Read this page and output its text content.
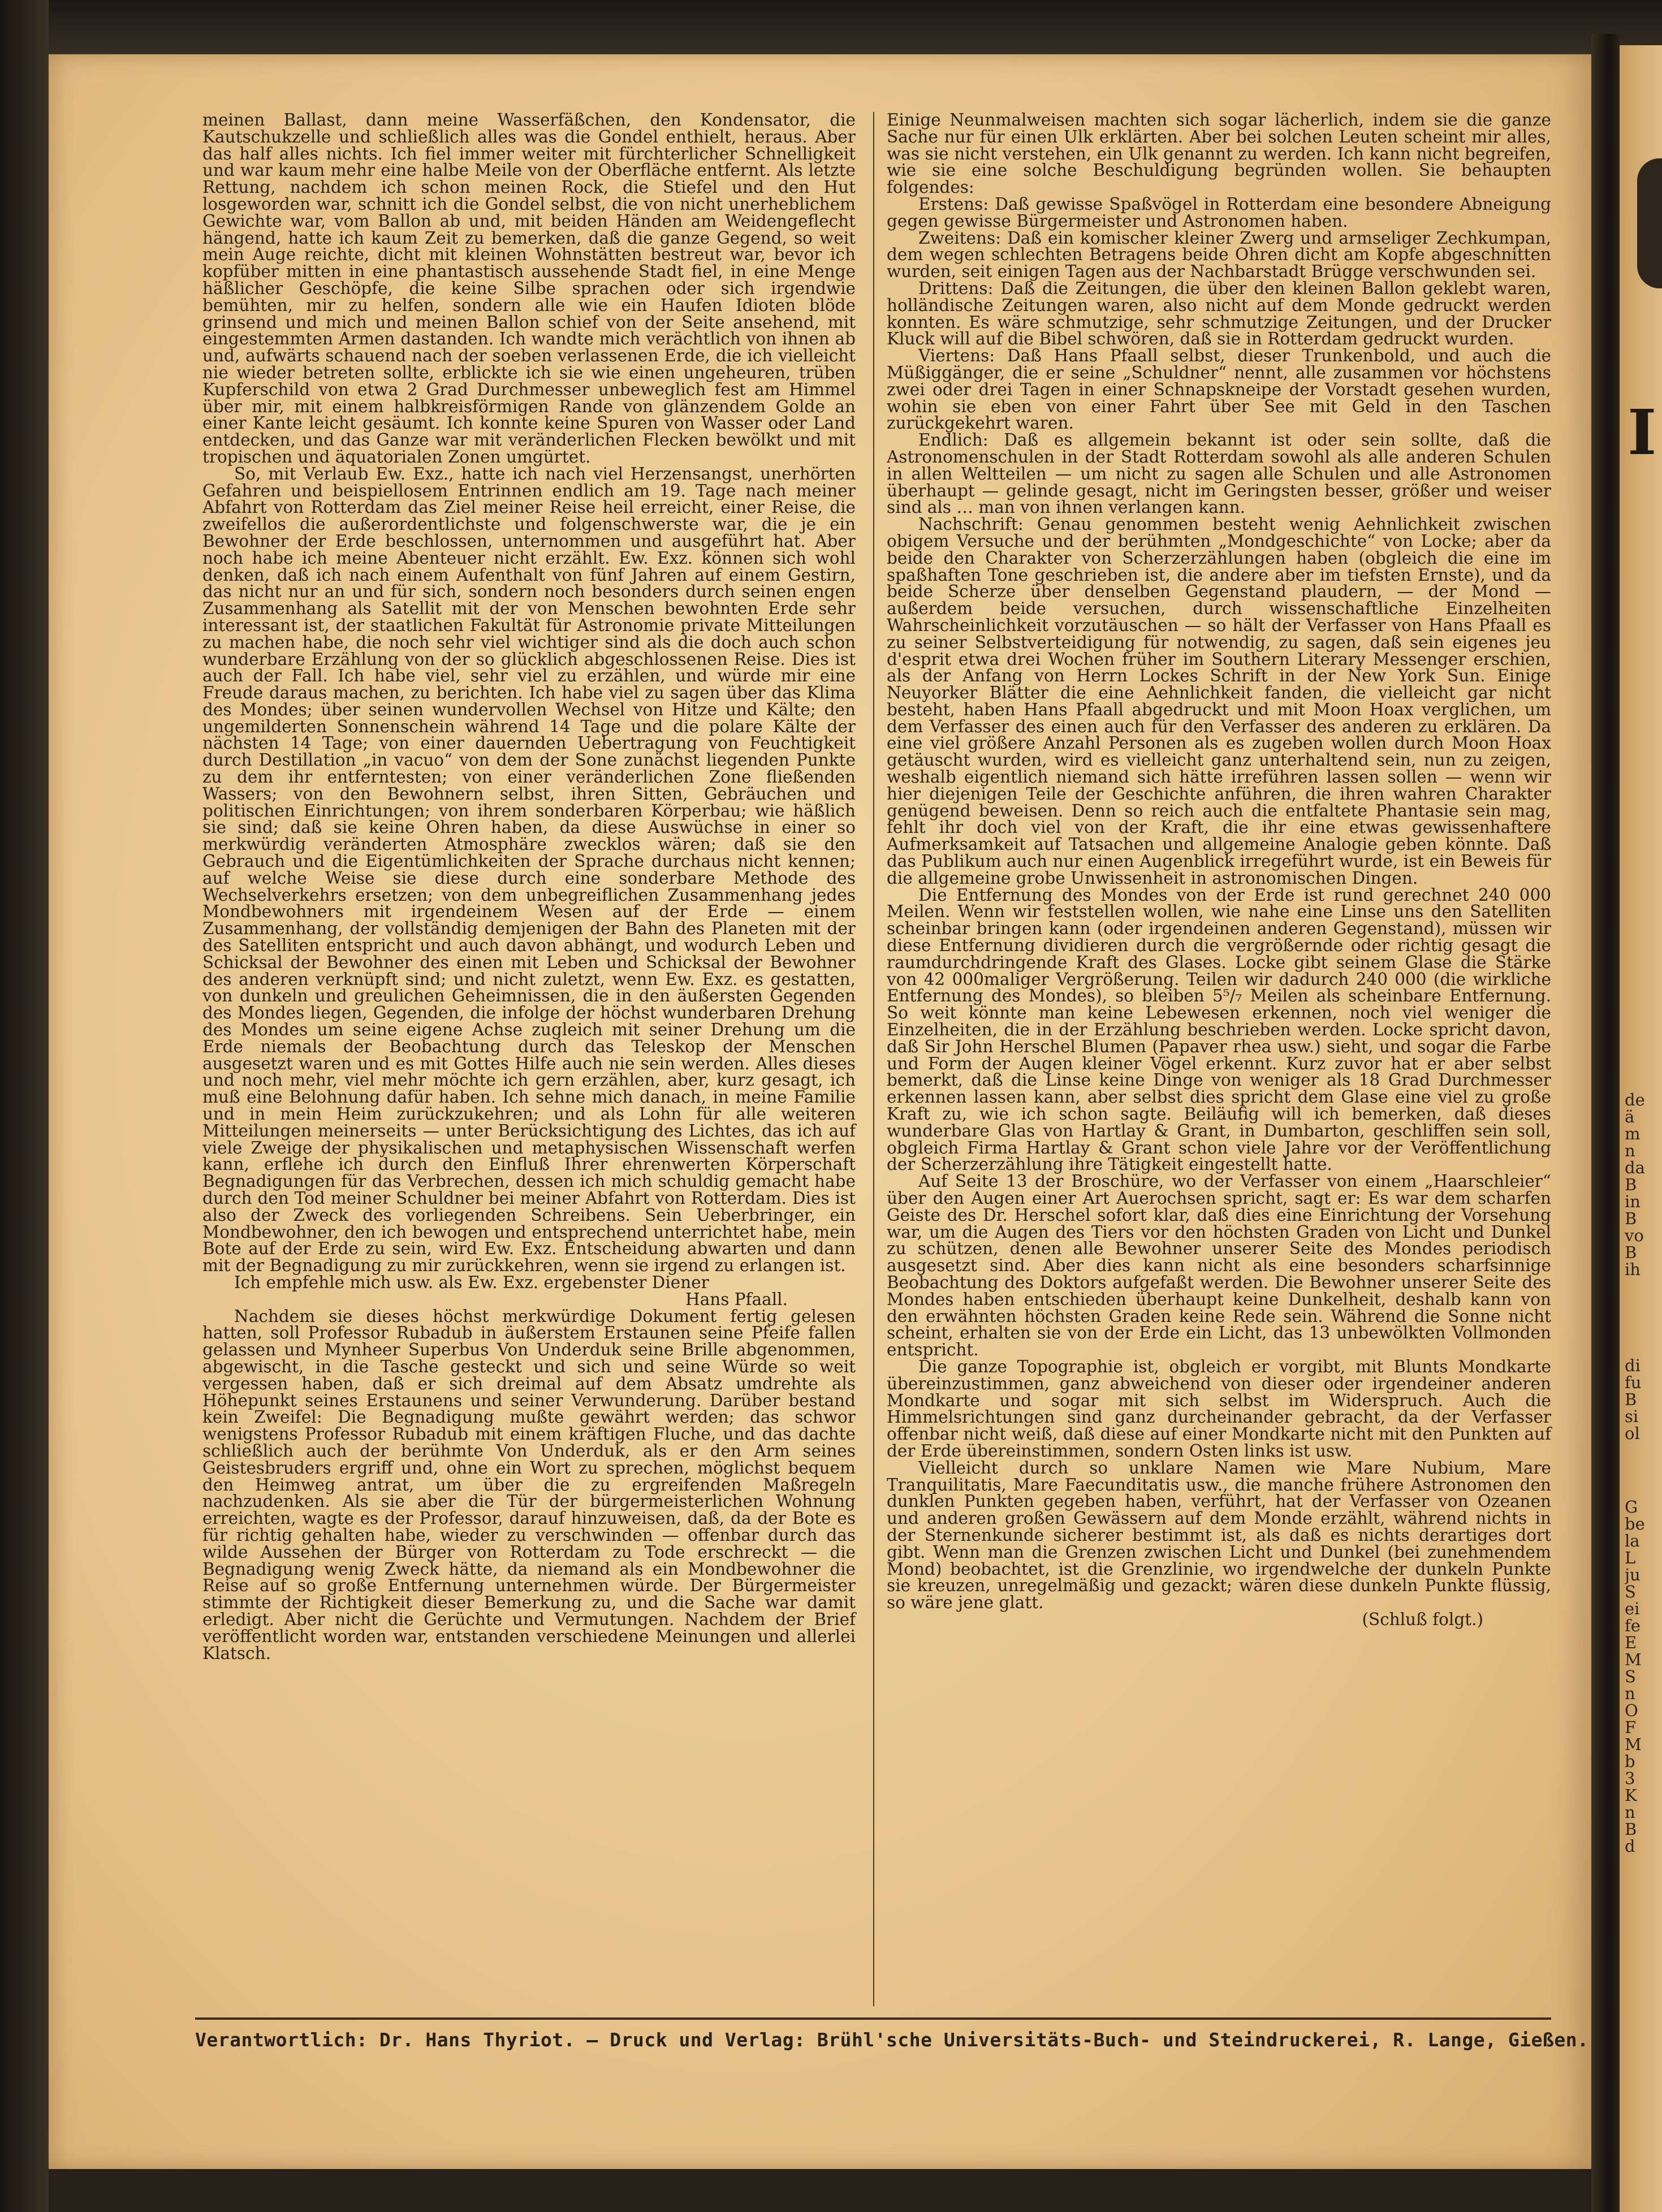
meinen Ballast, dann meine Wasserfäßchen, den Kondensator, die Kautschukzelle und schließlich alles was die Gondel enthielt, heraus. Aber das half alles nichts. Ich fiel immer weiter mit fürchterlicher Schnelligkeit und war kaum mehr eine halbe Meile von der Oberfläche entfernt. Als letzte Rettung, nachdem ich schon meinen Rock, die Stiefel und den Hut losgeworden war, schnitt ich die Gondel selbst, die von nicht unerheblichem Gewichte war, vom Ballon ab und, mit beiden Händen am Weidengeflecht hängend, hatte ich kaum Zeit zu bemerken, daß die ganze Gegend, so weit mein Auge reichte, dicht mit kleinen Wohnstätten bestreut war, bevor ich kopfüber mitten in eine phantastisch aussehende Stadt fiel, in eine Menge häßlicher Geschöpfe, die keine Silbe sprachen oder sich irgendwie bemühten, mir zu helfen, sondern alle wie ein Haufen Idioten blöde grinsend und mich und meinen Ballon schief von der Seite ansehend, mit eingestemmten Armen dastanden. Ich wandte mich verächtlich von ihnen ab und, aufwärts schauend nach der soeben verlassenen Erde, die ich vielleicht nie wieder betreten sollte, erblickte ich sie wie einen ungeheuren, trüben Kupferschild von etwa 2 Grad Durchmesser unbeweglich fest am Himmel über mir, mit einem halbkreisförmigen Rande von glänzendem Golde an einer Kante leicht gesäumt. Ich konnte keine Spuren von Wasser oder Land entdecken, und das Ganze war mit veränderlichen Flecken bewölkt und mit tropischen und äquatorialen Zonen umgürtet.

So, mit Verlaub Ew. Exz., hatte ich nach viel Herzensangst, unerhörten Gefahren und beispiellosem Entrinnen endlich am 19. Tage nach meiner Abfahrt von Rotterdam das Ziel meiner Reise heil erreicht, einer Reise, die zweifellos die außerordentlichste und folgenschwerste war, die je ein Bewohner der Erde beschlossen, unternommen und ausgeführt hat. Aber noch habe ich meine Abenteuer nicht erzählt. Ew. Exz. können sich wohl denken, daß ich nach einem Aufenthalt von fünf Jahren auf einem Gestirn, das nicht nur an und für sich, sondern noch besonders durch seinen engen Zusammenhang als Satellit mit der von Menschen bewohnten Erde sehr interessant ist, der staatlichen Fakultät für Astronomie private Mitteilungen zu machen habe, die noch sehr viel wichtiger sind als die doch auch schon wunderbare Erzählung von der so glücklich abgeschlossenen Reise. Dies ist auch der Fall. Ich habe viel, sehr viel zu erzählen, und würde mir eine Freude daraus machen, zu berichten. Ich habe viel zu sagen über das Klima des Mondes; über seinen wundervollen Wechsel von Hitze und Kälte; den ungemilderten Sonnenschein während 14 Tage und die polare Kälte der nächsten 14 Tage; von einer dauernden Uebertragung von Feuchtigkeit durch Destillation „in vacuo“ von dem der Sone zunächst liegenden Punkte zu dem ihr entferntesten; von einer veränderlichen Zone fließenden Wassers; von den Bewohnern selbst, ihren Sitten, Gebräuchen und politischen Einrichtungen; von ihrem sonderbaren Körperbau; wie häßlich sie sind; daß sie keine Ohren haben, da diese Auswüchse in einer so merkwürdig veränderten Atmosphäre zwecklos wären; daß sie den Gebrauch und die Eigentümlichkeiten der Sprache durchaus nicht kennen; auf welche Weise sie diese durch eine sonderbare Methode des Wechselverkehrs ersetzen; von dem unbegreiflichen Zusammenhang jedes Mondbewohners mit irgendeinem Wesen auf der Erde — einem Zusammenhang, der vollständig demjenigen der Bahn des Planeten mit der des Satelliten entspricht und auch davon abhängt, und wodurch Leben und Schicksal der Bewohner des einen mit Leben und Schicksal der Bewohner des anderen verknüpft sind; und nicht zuletzt, wenn Ew. Exz. es gestatten, von dunkeln und greulichen Geheimnissen, die in den äußersten Gegenden des Mondes liegen, Gegenden, die infolge der höchst wunderbaren Drehung des Mondes um seine eigene Achse zugleich mit seiner Drehung um die Erde niemals der Beobachtung durch das Teleskop der Menschen ausgesetzt waren und es mit Gottes Hilfe auch nie sein werden. Alles dieses und noch mehr, viel mehr möchte ich gern erzählen, aber, kurz gesagt, ich muß eine Belohnung dafür haben. Ich sehne mich danach, in meine Familie und in mein Heim zurückzukehren; und als Lohn für alle weiteren Mitteilungen meinerseits — unter Berücksichtigung des Lichtes, das ich auf viele Zweige der physikalischen und metaphysischen Wissenschaft werfen kann, erflehe ich durch den Einfluß Ihrer ehrenwerten Körperschaft Begnadigungen für das Verbrechen, dessen ich mich schuldig gemacht habe durch den Tod meiner Schuldner bei meiner Abfahrt von Rotterdam. Dies ist also der Zweck des vorliegenden Schreibens. Sein Ueberbringer, ein Mondbewohner, den ich bewogen und entsprechend unterrichtet habe, mein Bote auf der Erde zu sein, wird Ew. Exz. Entscheidung abwarten und dann mit der Begnadigung zu mir zurückkehren, wenn sie irgend zu erlangen ist.

Ich empfehle mich usw. als Ew. Exz. ergebenster Diener

Hans Pfaall.

Nachdem sie dieses höchst merkwürdige Dokument fertig gelesen hatten, soll Professor Rubadub in äußerstem Erstaunen seine Pfeife fallen gelassen und Mynheer Superbus Von Underduk seine Brille abgenommen, abgewischt, in die Tasche gesteckt und sich und seine Würde so weit vergessen haben, daß er sich dreimal auf dem Absatz umdrehte als Höhepunkt seines Erstaunens und seiner Verwunderung. Darüber bestand kein Zweifel: Die Begnadigung mußte gewährt werden; das schwor wenigstens Professor Rubadub mit einem kräftigen Fluche, und das dachte schließlich auch der berühmte Von Underduk, als er den Arm seines Geistesbruders ergriff und, ohne ein Wort zu sprechen, möglichst bequem den Heimweg antrat, um über die zu ergreifenden Maßregeln nachzudenken. Als sie aber die Tür der bürgermeisterlichen Wohnung erreichten, wagte es der Professor, darauf hinzuweisen, daß, da der Bote es für richtig gehalten habe, wieder zu verschwinden — offenbar durch das wilde Aussehen der Bürger von Rotterdam zu Tode erschreckt — die Begnadigung wenig Zweck hätte, da niemand als ein Mondbewohner die Reise auf so große Entfernung unternehmen würde. Der Bürgermeister stimmte der Richtigkeit dieser Bemerkung zu, und die Sache war damit erledigt. Aber nicht die Gerüchte und Vermutungen. Nachdem der Brief veröffentlicht worden war, entstanden verschiedene Meinungen und allerlei Klatsch.

Einige Neunmalweisen machten sich sogar lächerlich, indem sie die ganze Sache nur für einen Ulk erklärten. Aber bei solchen Leuten scheint mir alles, was sie nicht verstehen, ein Ulk genannt zu werden. Ich kann nicht begreifen, wie sie eine solche Beschuldigung begründen wollen. Sie behaupten folgendes:

Erstens: Daß gewisse Spaßvögel in Rotterdam eine besondere Abneigung gegen gewisse Bürgermeister und Astronomen haben.

Zweitens: Daß ein komischer kleiner Zwerg und armseliger Zechkumpan, dem wegen schlechten Betragens beide Ohren dicht am Kopfe abgeschnitten wurden, seit einigen Tagen aus der Nachbarstadt Brügge verschwunden sei.

Drittens: Daß die Zeitungen, die über den kleinen Ballon geklebt waren, holländische Zeitungen waren, also nicht auf dem Monde gedruckt werden konnten. Es wäre schmutzige, sehr schmutzige Zeitungen, und der Drucker Kluck will auf die Bibel schwören, daß sie in Rotterdam gedruckt wurden.

Viertens: Daß Hans Pfaall selbst, dieser Trunkenbold, und auch die Müßiggänger, die er seine „Schuldner“ nennt, alle zusammen vor höchstens zwei oder drei Tagen in einer Schnapskneipe der Vorstadt gesehen wurden, wohin sie eben von einer Fahrt über See mit Geld in den Taschen zurückgekehrt waren.

Endlich: Daß es allgemein bekannt ist oder sein sollte, daß die Astronomenschulen in der Stadt Rotterdam sowohl als alle anderen Schulen in allen Weltteilen — um nicht zu sagen alle Schulen und alle Astronomen überhaupt — gelinde gesagt, nicht im Geringsten besser, größer und weiser sind als … man von ihnen verlangen kann.

Nachschrift: Genau genommen besteht wenig Aehnlichkeit zwischen obigem Versuche und der berühmten „Mondgeschichte“ von Locke; aber da beide den Charakter von Scherzerzählungen haben (obgleich die eine im spaßhaften Tone geschrieben ist, die andere aber im tiefsten Ernste), und da beide Scherze über denselben Gegenstand plaudern, — der Mond — außerdem beide versuchen, durch wissenschaftliche Einzelheiten Wahrscheinlichkeit vorzutäuschen — so hält der Verfasser von Hans Pfaall es zu seiner Selbstverteidigung für notwendig, zu sagen, daß sein eigenes jeu d'esprit etwa drei Wochen früher im Southern Literary Messenger erschien, als der Anfang von Herrn Lockes Schrift in der New York Sun. Einige Neuyorker Blätter die eine Aehnlichkeit fanden, die vielleicht gar nicht besteht, haben Hans Pfaall abgedruckt und mit Moon Hoax verglichen, um dem Verfasser des einen auch für den Verfasser des anderen zu erklären. Da eine viel größere Anzahl Personen als es zugeben wollen durch Moon Hoax getäuscht wurden, wird es vielleicht ganz unterhaltend sein, nun zu zeigen, weshalb eigentlich niemand sich hätte irreführen lassen sollen — wenn wir hier diejenigen Teile der Geschichte anführen, die ihren wahren Charakter genügend beweisen. Denn so reich auch die entfaltete Phantasie sein mag, fehlt ihr doch viel von der Kraft, die ihr eine etwas gewissenhaftere Aufmerksamkeit auf Tatsachen und allgemeine Analogie geben könnte. Daß das Publikum auch nur einen Augenblick irregeführt wurde, ist ein Beweis für die allgemeine grobe Unwissenheit in astronomischen Dingen.

Die Entfernung des Mondes von der Erde ist rund gerechnet 240 000 Meilen. Wenn wir feststellen wollen, wie nahe eine Linse uns den Satelliten scheinbar bringen kann (oder irgendeinen anderen Gegenstand), müssen wir diese Entfernung dividieren durch die vergrößernde oder richtig gesagt die raumdurchdringende Kraft des Glases. Locke gibt seinem Glase die Stärke von 42 000maliger Vergrößerung. Teilen wir dadurch 240 000 (die wirkliche Entfernung des Mondes), so bleiben 5⁵/₇ Meilen als scheinbare Entfernung. So weit könnte man keine Lebewesen erkennen, noch viel weniger die Einzelheiten, die in der Erzählung beschrieben werden. Locke spricht davon, daß Sir John Herschel Blumen (Papaver rhea usw.) sieht, und sogar die Farbe und Form der Augen kleiner Vögel erkennt. Kurz zuvor hat er aber selbst bemerkt, daß die Linse keine Dinge von weniger als 18 Grad Durchmesser erkennen lassen kann, aber selbst dies spricht dem Glase eine viel zu große Kraft zu, wie ich schon sagte. Beiläufig will ich bemerken, daß dieses wunderbare Glas von Hartlay & Grant, in Dumbarton, geschliffen sein soll, obgleich Firma Hartlay & Grant schon viele Jahre vor der Veröffentlichung der Scherzerzählung ihre Tätigkeit eingestellt hatte.

Auf Seite 13 der Broschüre, wo der Verfasser von einem „Haarschleier“ über den Augen einer Art Auerochsen spricht, sagt er: Es war dem scharfen Geiste des Dr. Herschel sofort klar, daß dies eine Einrichtung der Vorsehung war, um die Augen des Tiers vor den höchsten Graden von Licht und Dunkel zu schützen, denen alle Bewohner unserer Seite des Mondes periodisch ausgesetzt sind. Aber dies kann nicht als eine besonders scharfsinnige Beobachtung des Doktors aufgefaßt werden. Die Bewohner unserer Seite des Mondes haben entschieden überhaupt keine Dunkelheit, deshalb kann von den erwähnten höchsten Graden keine Rede sein. Während die Sonne nicht scheint, erhalten sie von der Erde ein Licht, das 13 unbewölkten Vollmonden entspricht.

Die ganze Topographie ist, obgleich er vorgibt, mit Blunts Mondkarte übereinzustimmen, ganz abweichend von dieser oder irgendeiner anderen Mondkarte und sogar mit sich selbst im Widerspruch. Auch die Himmelsrichtungen sind ganz durcheinander gebracht, da der Verfasser offenbar nicht weiß, daß diese auf einer Mondkarte nicht mit den Punkten auf der Erde übereinstimmen, sondern Osten links ist usw.

Vielleicht durch so unklare Namen wie Mare Nubium, Mare Tranquilitatis, Mare Faecunditatis usw., die manche frühere Astronomen den dunklen Punkten gegeben haben, verführt, hat der Verfasser von Ozeanen und anderen großen Gewässern auf dem Monde erzählt, während nichts in der Sternenkunde sicherer bestimmt ist, als daß es nichts derartiges dort gibt. Wenn man die Grenzen zwischen Licht und Dunkel (bei zunehmendem Mond) beobachtet, ist die Grenzlinie, wo irgendwelche der dunkeln Punkte sie kreuzen, unregelmäßig und gezackt; wären diese dunkeln Punkte flüssig, so wäre jene glatt.

(Schluß folgt.)

Verantwortlich: Dr. Hans Thyriot. — Druck und Verlag: Brühl'sche Universitäts-Buch- und Steindruckerei, R. Lange, Gießen.
I
de
ä
m
n
da
B
in
B
vo
B
ih
di
fu
B
si
ol
G
be
la
L
ju
S
ei
fe
E
M
S
n
O
F
M
b
3
K
n
B
d
